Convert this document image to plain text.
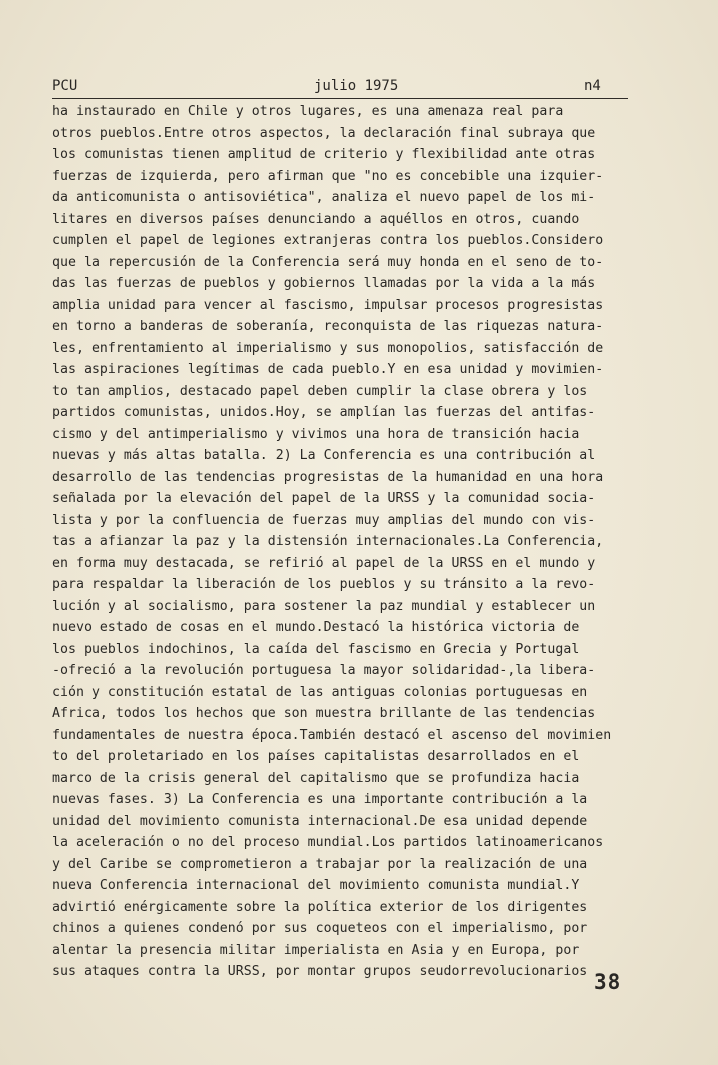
PCU	julio 1975	n4
ha instaurado en Chile y otros lugares, es una amenaza real para
otros pueblos.Entre otros aspectos, la declaración final subraya que
los comunistas tienen amplitud de criterio y flexibilidad ante otras
fuerzas de izquierda, pero afirman que "no es concebible una izquier-
da anticomunista o antisoviética", analiza el nuevo papel de los mi-
litares en diversos países denunciando a aquéllos en otros, cuando
cumplen el papel de legiones extranjeras contra los pueblos.Considero
que la repercusión de la Conferencia será muy honda en el seno de to-
das las fuerzas de pueblos y gobiernos llamadas por la vida a la más
amplia unidad para vencer al fascismo, impulsar procesos progresistas
en torno a banderas de soberanía, reconquista de las riquezas natura-
les, enfrentamiento al imperialismo y sus monopolios, satisfacción de
las aspiraciones legítimas de cada pueblo.Y en esa unidad y movimien-
to tan amplios, destacado papel deben cumplir la clase obrera y los
partidos comunistas, unidos.Hoy, se amplían las fuerzas del antifas-
cismo y del antimperialismo y vivimos una hora de transición hacia
nuevas y más altas batalla. 2) La Conferencia es una contribución al
desarrollo de las tendencias progresistas de la humanidad en una hora
señalada por la elevación del papel de la URSS y la comunidad socia-
lista y por la confluencia de fuerzas muy amplias del mundo con vis-
tas a afianzar la paz y la distensión internacionales.La Conferencia,
en forma muy destacada, se refirió al papel de la URSS en el mundo y
para respaldar la liberación de los pueblos y su tránsito a la revo-
lución y al socialismo, para sostener la paz mundial y establecer un
nuevo estado de cosas en el mundo.Destacó la histórica victoria de
los pueblos indochinos, la caída del fascismo en Grecia y Portugal
-ofreció a la revolución portuguesa la mayor solidaridad-,la libera-
ción y constitución estatal de las antiguas colonias portuguesas en
Africa, todos los hechos que son muestra brillante de las tendencias
fundamentales de nuestra época.También destacó el ascenso del movimien
to del proletariado en los países capitalistas desarrollados en el
marco de la crisis general del capitalismo que se profundiza hacia
nuevas fases. 3) La Conferencia es una importante contribución a la
unidad del movimiento comunista internacional.De esa unidad depende
la aceleración o no del proceso mundial.Los partidos latinoamericanos
y del Caribe se comprometieron a trabajar por la realización de una
nueva Conferencia internacional del movimiento comunista mundial.Y
advirtió enérgicamente sobre la política exterior de los dirigentes
chinos a quienes condenó por sus coqueteos con el imperialismo, por
alentar la presencia militar imperialista en Asia y en Europa, por
sus ataques contra la URSS, por montar grupos seudorrevolucionarios 38
